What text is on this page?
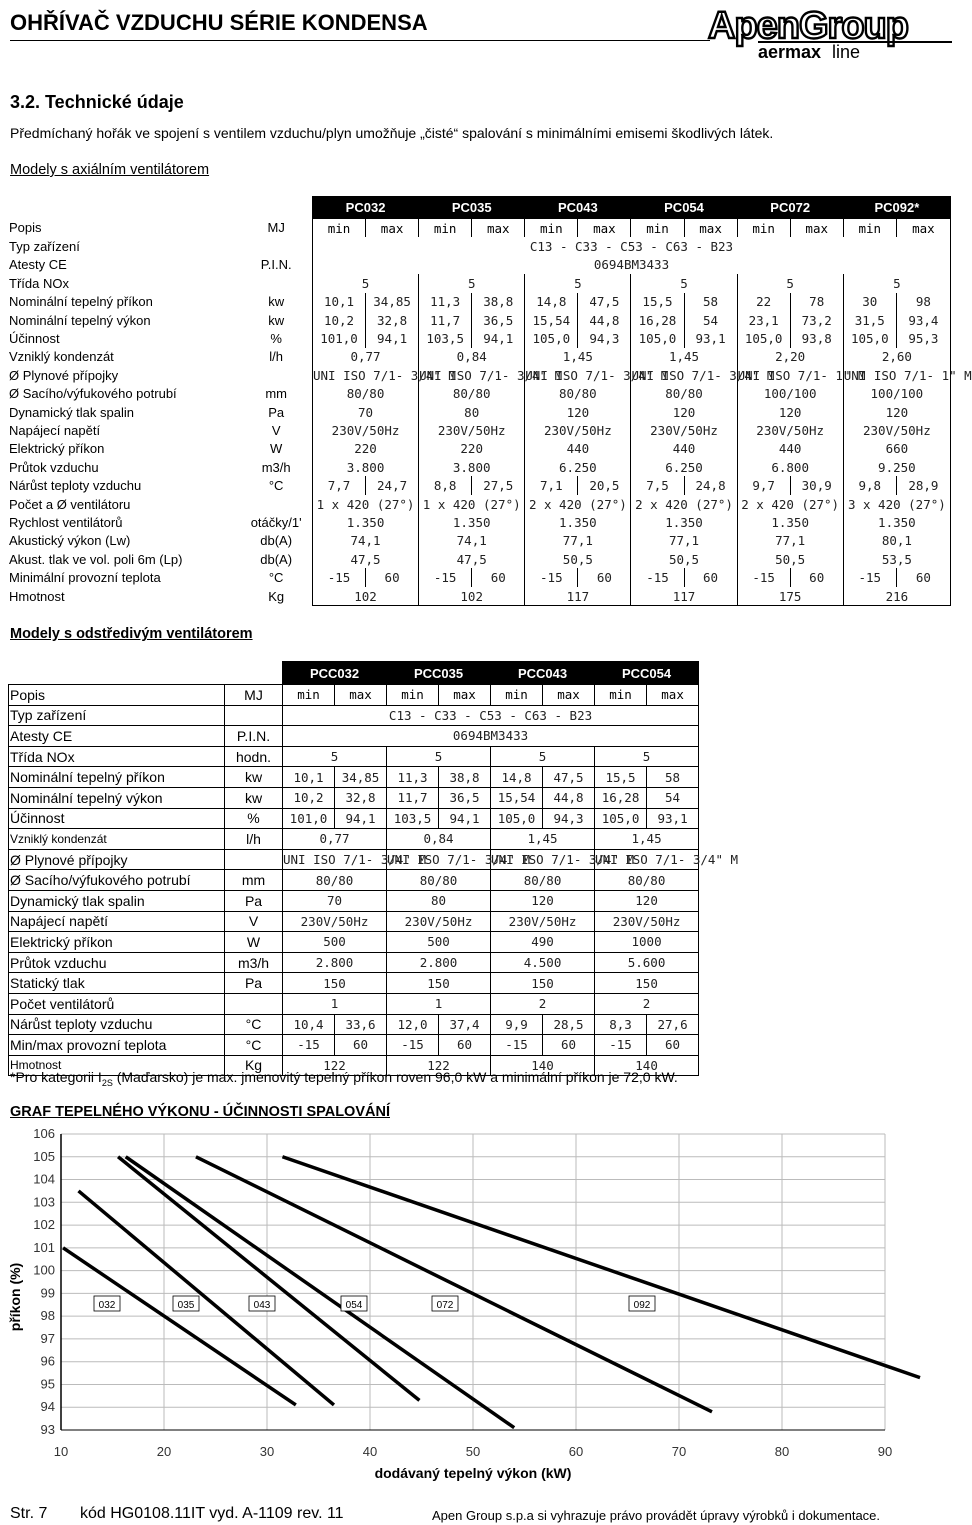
OHŘÍVAČ VZDUCHU SÉRIE KONDENSA	ApenGroup
aermax line
3.2. Technické údaje
Předmíchaný hořák ve spojení s ventilem vzduchu/plyn umožňuje „čisté“ spalování s minimálními emisemi škodlivých látek.
Modely s axiálním ventilátorem
		PC032		PC035		PC043		PC054		PC072		PC092*	
Popis	MJ	min	max	min	max	min	max	min	max	min	max	min	max
Typ zařízení		C13 - C33 - C53 - C63 - B23											
Atesty CE	P.I.N.	0694BM3433											
Třída NOx		5		5		5		5		5		5	
Nominální tepelný příkon	kw	10,1	34,85	11,3	38,8	14,8	47,5	15,5	58	22	78	30	98
Nominální tepelný výkon	kw	10,2	32,8	11,7	36,5	15,54	44,8	16,28	54	23,1	73,2	31,5	93,4
Účinnost	%	101,0	94,1	103,5	94,1	105,0	94,3	105,0	93,1	105,0	93,8	105,0	95,3
Vzniklý kondenzát	l/h	0,77		0,84		1,45		1,45		2,20		2,60	
Ø Plynové přípojky		UNI ISO 7/1- 3/4" M		UNI ISO 7/1- 3/4" M		UNI ISO 7/1- 3/4" M		UNI ISO 7/1- 3/4" M		UNI ISO 7/1- 1" M		UNI ISO 7/1- 1" M	
Ø Sacího/výfukového potrubí	mm	80/80		80/80		80/80		80/80		100/100		100/100	
Dynamický tlak spalin	Pa	70		80		120		120		120		120	
Napájecí napětí	V	230V/50Hz		230V/50Hz		230V/50Hz		230V/50Hz		230V/50Hz		230V/50Hz	
Elektrický příkon	W	220		220		440		440		440		660	
Průtok vzduchu	m3/h	3.800		3.800		6.250		6.250		6.800		9.250	
Nárůst teploty vzduchu	°C	7,7	24,7	8,8	27,5	7,1	20,5	7,5	24,8	9,7	30,9	9,8	28,9
Počet a Ø ventilátoru		1 x 420 (27°)		1 x 420 (27°)		2 x 420 (27°)		2 x 420 (27°)		2 x 420 (27°)		3 x 420 (27°)	
Rychlost ventilátorů	otáčky/1'	1.350		1.350		1.350		1.350		1.350		1.350	
Akustický výkon (Lw)	db(A)	74,1		74,1		77,1		77,1		77,1		80,1	
Akust. tlak ve vol. poli 6m (Lp)	db(A)	47,5		47,5		50,5		50,5		50,5		53,5	
Minimální provozní teplota	°C	-15	60	-15	60	-15	60	-15	60	-15	60	-15	60
Hmotnost	Kg	102		102		117		117		175		216	
Modely s odstředivým ventilátorem
		PCC032		PCC035		PCC043		PCC054	
Popis	MJ	min	max	min	max	min	max	min	max
Typ zařízení		C13 - C33 - C53 - C63 - B23							
Atesty CE	P.I.N.	0694BM3433							
Třída NOx	hodn.	5		5		5		5	
Nominální tepelný příkon	kw	10,1	34,85	11,3	38,8	14,8	47,5	15,5	58
Nominální tepelný výkon	kw	10,2	32,8	11,7	36,5	15,54	44,8	16,28	54
Účinnost	%	101,0	94,1	103,5	94,1	105,0	94,3	105,0	93,1
Vzniklý kondenzát	l/h	0,77		0,84		1,45		1,45	
Ø Plynové přípojky		UNI ISO 7/1- 3/4" M		UNI ISO 7/1- 3/4" M		UNI ISO 7/1- 3/4" M		UNI ISO 7/1- 3/4" M	
Ø Sacího/výfukového potrubí	mm	80/80		80/80		80/80		80/80	
Dynamický tlak spalin	Pa	70		80		120		120	
Napájecí napětí	V	230V/50Hz		230V/50Hz		230V/50Hz		230V/50Hz	
Elektrický příkon	W	500		500		490		1000	
Průtok vzduchu	m3/h	2.800		2.800		4.500		5.600	
Statický tlak	Pa	150		150		150		150	
Počet ventilátorů		1		1		2		2	
Nárůst teploty vzduchu	°C	10,4	33,6	12,0	37,4	9,9	28,5	8,3	27,6
Min/max provozní teplota	°C	-15	60	-15	60	-15	60	-15	60
Hmotnost	Kg	122		122		140		140	
*Pro kategorii $I_{2S}$ (Maďarsko) je max. jmenovitý tepelný příkon roven 96,0 kW a minimální příkon je 72,0 kW.
GRAF TEPELNÉHO VÝKONU - ÚČINNOSTI SPALOVÁNÍ
93
94
95
96
97
98
99
100
101
102
103
104
105
106
10	20	30	40	50	60	70	80	90
032	035	043	054	072	092
příkon (%)
dodávaný tepelný výkon (kW)
Str. 7 kód HG0108.11IT vyd. A-1109 rev. 11	Apen Group s.p.a si vyhrazuje právo provádět úpravy výrobků i dokumentace.
